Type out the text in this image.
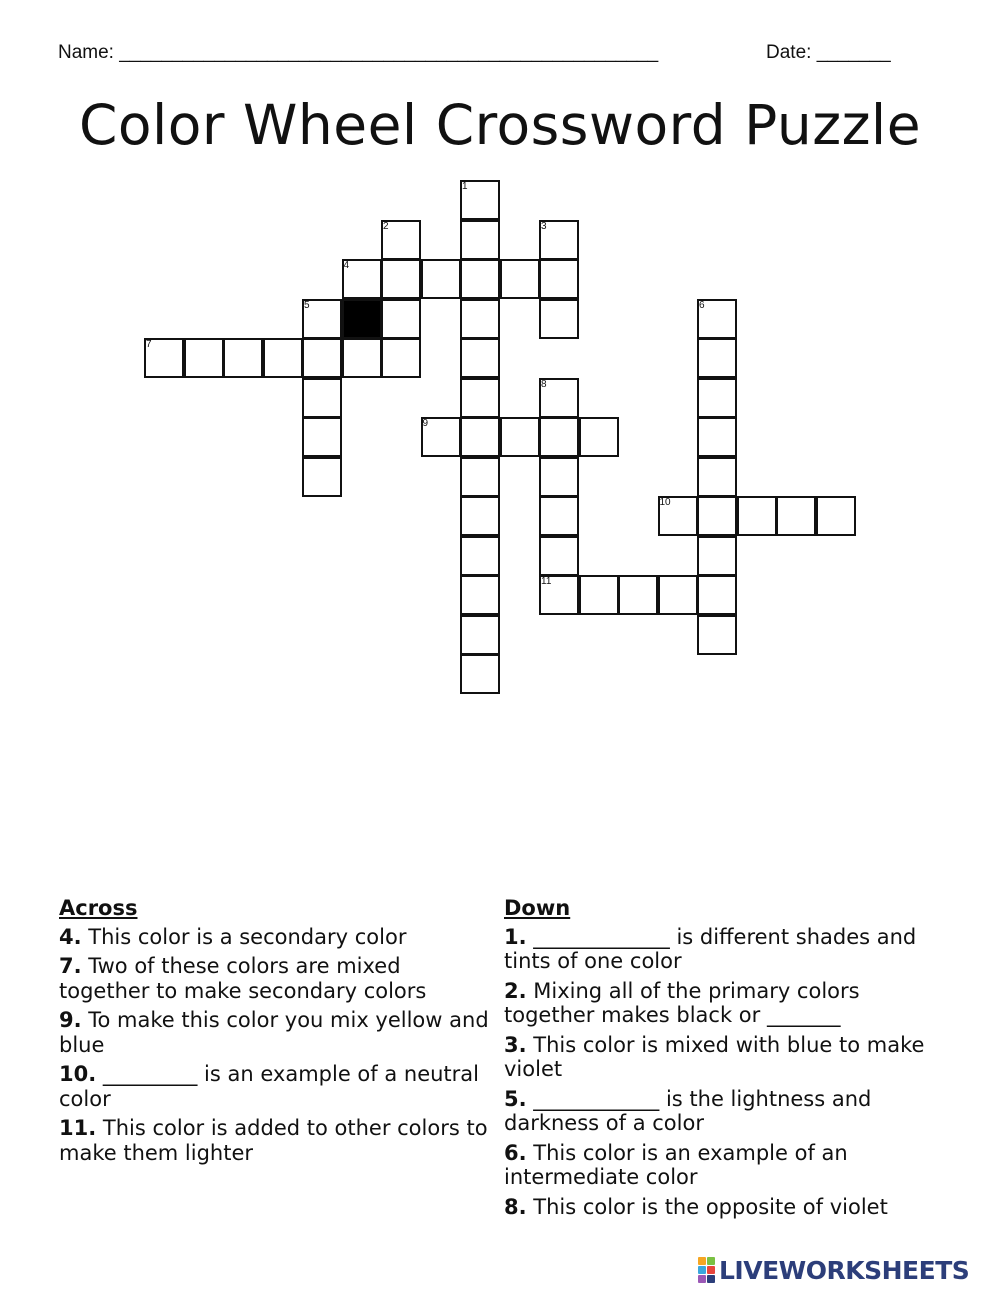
Name: ___________________________________________________	Date: _______
Color Wheel Crossword Puzzle
1
2	3
4
5	6
7
8
9
10
11
Across
4. This color is a secondary color
7. Two of these colors are mixed together to make secondary colors
9. To make this color you mix yellow and blue
10. _________ is an example of a neutral color
11. This color is added to other colors to make them lighter
Down
1. _____________ is different shades and tints of one color
2. Mixing all of the primary colors together makes black or _______
3. This color is mixed with blue to make violet
5. ____________ is the lightness and darkness of a color
6. This color is an example of an intermediate color
8. This color is the opposite of violet
LIVEWORKSHEETS
